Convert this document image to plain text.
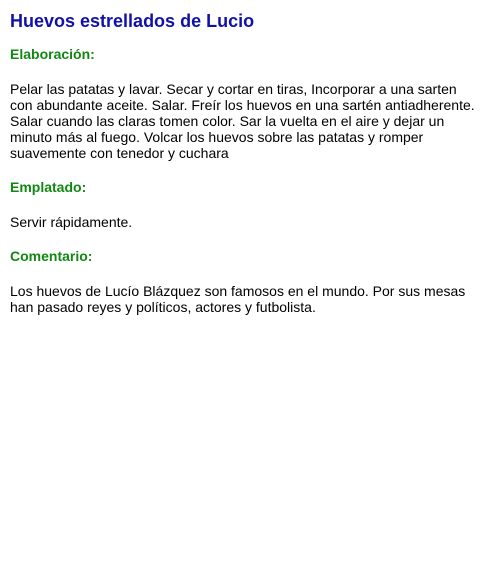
Huevos estrellados de Lucio
Elaboración:

Pelar las patatas y lavar. Secar y cortar en tiras, Incorporar a una sarten con abundante aceite. Salar. Freír los huevos en una sartén antiadherente. Salar cuando las claras tomen color. Sar la vuelta en el aire y dejar un minuto más al fuego. Volcar los huevos sobre las patatas y romper suavemente con tenedor y cuchara

Emplatado:

Servir rápidamente.

Comentario:

Los huevos de Lucío Blázquez son famosos en el mundo. Por sus mesas han pasado reyes y políticos, actores y futbolista.
